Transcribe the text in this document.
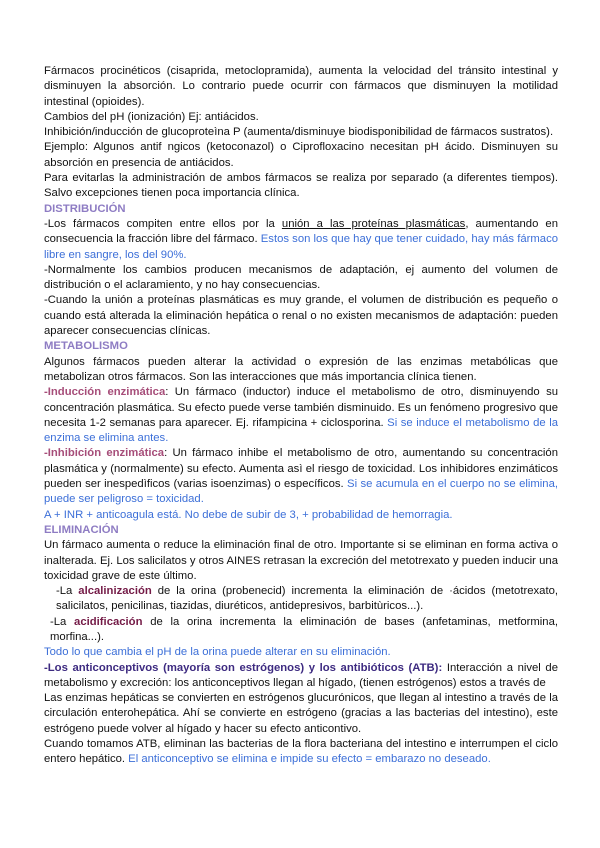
Fármacos procinéticos (cisaprida, metoclopramida), aumenta la velocidad del tránsito intestinal y disminuyen la absorción. Lo contrario puede ocurrir con fármacos que disminuyen la motilidad intestinal (opioides).

Cambios del pH (ionización) Ej: antiácidos.

Inhibición/inducción de glucoproteìna P (aumenta/disminuye biodisponibilidad de fármacos sustratos).

Ejemplo: Algunos antif ngicos (ketoconazol) o Ciprofloxacino necesitan pH ácido. Disminuyen su absorción en presencia de antiácidos.

Para evitarlas la administración de ambos fármacos se realiza por separado (a diferentes tiempos). Salvo excepciones tienen poca importancia clínica.

DISTRIBUCIÓN

-Los fármacos compiten entre ellos por la unión a las proteínas plasmáticas, aumentando en consecuencia la fracción libre del fármaco. Estos son los que hay que tener cuidado, hay más fármaco libre en sangre, los del 90%.

-Normalmente los cambios producen mecanismos de adaptación, ej aumento del volumen de distribución o el aclaramiento, y no hay consecuencias.

-Cuando la unión a proteínas plasmáticas es muy grande, el volumen de distribución es pequeño o cuando está alterada la eliminación hepática o renal o no existen mecanismos de adaptación: pueden aparecer consecuencias clínicas.

METABOLISMO

Algunos fármacos pueden alterar la actividad o expresión de las enzimas metabólicas que metabolizan otros fármacos. Son las interacciones que más importancia clínica tienen.

-Inducción enzimática: Un fármaco (inductor) induce el metabolismo de otro, disminuyendo su concentración plasmática. Su efecto puede verse también disminuido. Es un fenómeno progresivo que necesita 1-2 semanas para aparecer. Ej. rifampicina + ciclosporina. Si se induce el metabolismo de la enzima se elimina antes.

-Inhibición enzimática: Un fármaco inhibe el metabolismo de otro, aumentando su concentración plasmática y (normalmente) su efecto. Aumenta asì el riesgo de toxicidad. Los inhibidores enzimáticos pueden ser inespedìficos (varias isoenzimas) o específicos. Si se acumula en el cuerpo no se elimina, puede ser peligroso = toxicidad.

A + INR + anticoagula está. No debe de subir de 3, + probabilidad de hemorragia.

ELIMINACIÓN

Un fármaco aumenta o reduce la eliminación final de otro. Importante si se eliminan en forma activa o inalterada. Ej. Los salicilatos y otros AINES retrasan la excreción del metotrexato y pueden inducir una toxicidad grave de este último.

-La alcalinización de la orina (probenecid) incrementa la eliminación de ·ácidos (metotrexato, salicilatos, penicilinas, tiazidas, diuréticos, antidepresivos, barbitùricos...).

-La acidificación de la orina incrementa la eliminación de bases (anfetaminas, metformina, morfina...).

Todo lo que cambia el pH de la orina puede alterar en su eliminación.

-Los anticonceptivos (mayoría son estrógenos) y los antibióticos (ATB): Interacción a nivel de metabolismo y excreción: los anticonceptivos llegan al hígado, (tienen estrógenos) estos a través de

Las enzimas hepáticas se convierten en estrógenos glucurónicos, que llegan al intestino a través de la circulación enterohepática. Ahí se convierte en estrógeno (gracias a las bacterias del intestino), este estrógeno puede volver al hígado y hacer su efecto anticontivo.

Cuando tomamos ATB, eliminan las bacterias de la flora bacteriana del intestino e interrumpen el ciclo entero hepático. El anticonceptivo se elimina e impide su efecto = embarazo no deseado.
